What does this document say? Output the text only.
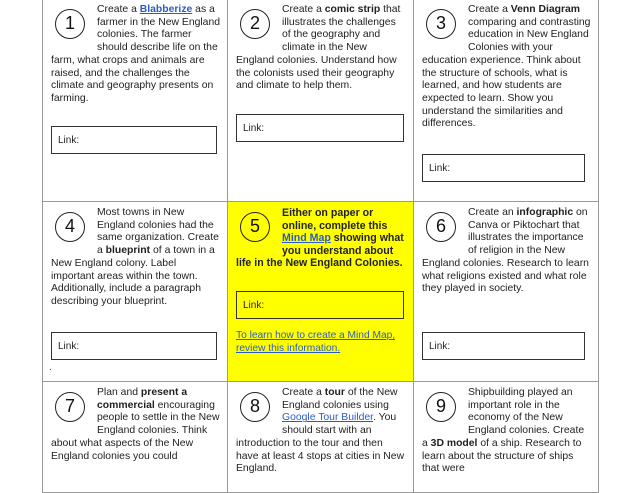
1
Create a Blabberize as a farmer in the New England colonies. The farmer should describe life on the farm, what crops and animals are raised, and the challenges the climate and geography presents on farming.
Link:
2
Create a comic strip that illustrates the challenges of the geography and climate in the New England colonies. Understand how the colonists used their geography and climate to help them.
Link:
3
Create a Venn Diagram comparing and contrasting education in New England Colonies with your education experience. Think about the structure of schools, what is learned, and how students are expected to learn. Show you understand the similarities and differences.
Link:
4
Most towns in New England colonies had the same organization. Create a blueprint of a town in a New England colony. Label important areas within the town. Additionally, include a paragraph describing your blueprint.
Link:
.
5
Either on paper or online, complete this Mind Map showing what you understand about life in the New England Colonies.
Link:
To learn how to create a Mind Map, review this information.
6
Create an infographic on Canva or Piktochart that illustrates the importance of religion in the New England colonies. Research to learn what religions existed and what role they played in society.
Link:
7
Plan and present a commercial encouraging people to settle in the New England colonies. Think about what aspects of the New England colonies you could
8
Create a tour of the New England colonies using Google Tour Builder. You should start with an introduction to the tour and then have at least 4 stops at cities in New England.
9
Shipbuilding played an important role in the economy of the New England colonies. Create a 3D model of a ship. Research to learn about the structure of ships that were
